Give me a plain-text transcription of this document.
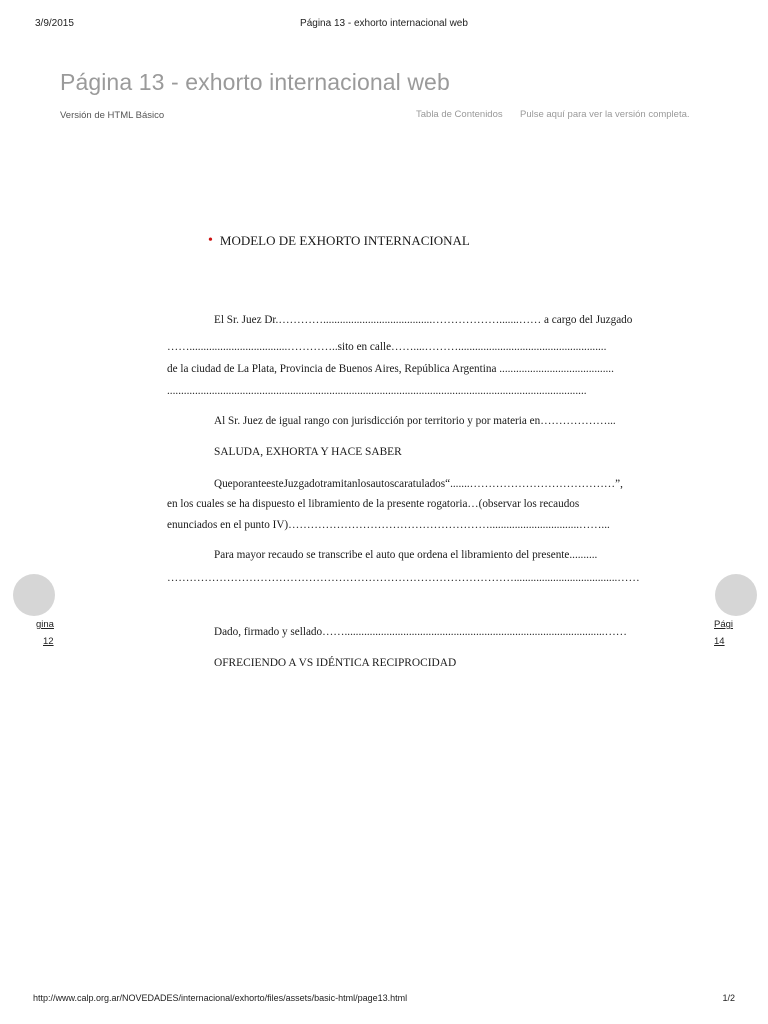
3/9/2015	Página 13 - exhorto internacional web
Página 13 - exhorto internacional web
Versión de HTML Básico	Tabla de Contenidos Pulse aquí para ver la versión completa.
• MODELO DE EXHORTO INTERNACIONAL
El Sr. Juez Dr.………….......................................……………….......…… a cargo del Juzgado
……...................................…………..sito en calle……....……….....................................................
de la ciudad de La Plata, Provincia de Buenos Aires, República Argentina .........................................
......................................................................................................................................................
Al Sr. Juez de igual rango con jurisdicción por territorio y por materia en………………...
SALUDA, EXHORTA Y HACE SABER
QueporanteesteJuzgadotramitanlosautoscaratulados“.......…………………………………”,
en los cuales se ha dispuesto el libramiento de la presente rogatoria…(observar los recaudos
enunciados en el punto IV)………………………………………………................................……...
Para mayor recaudo se transcribe el auto que ordena el libramiento del presente..........
………………………………………………………………………………….....................................……
Dado, firmado y sellado…….............................................................................................……
OFRECIENDO A VS IDÉNTICA RECIPROCIDAD
gina
12
Pági
14
http://www.calp.org.ar/NOVEDADES/internacional/exhorto/files/assets/basic-html/page13.html	1/2
